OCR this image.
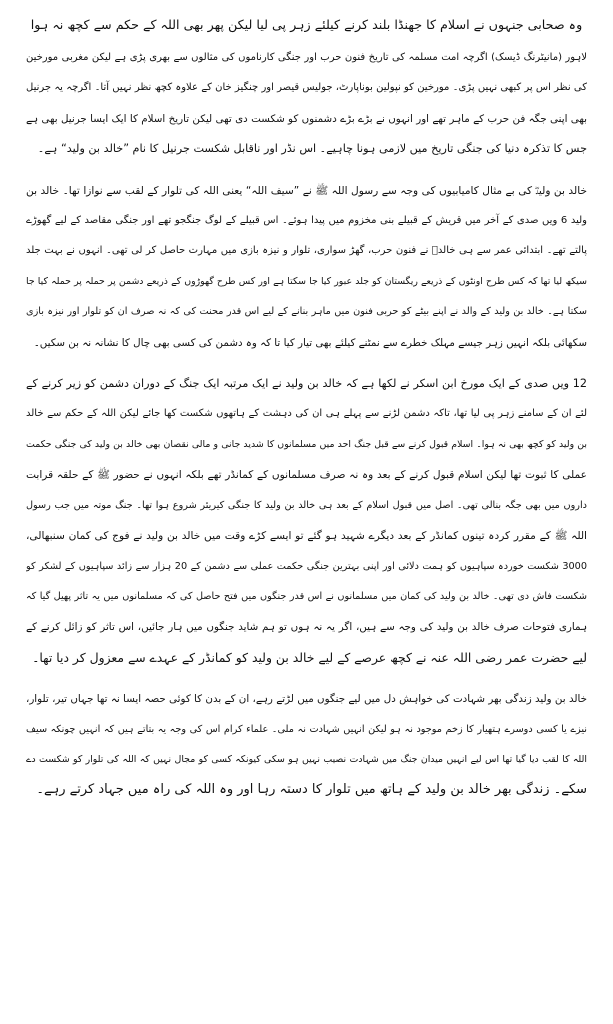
وہ صحابی جنہوں نے اسلام کا جھنڈا بلند کرنے کیلئے زہر پی لیا لیکن پھر بھی اللہ کے حکم سے کچھ نہ ہوا
لاہور (مانیٹرنگ ڈیسک) اگرچہ امت مسلمہ کی تاریخ فنون حرب اور جنگی کارناموں کی مثالوں سے بھری پڑی ہے لیکن مغربی مورخین
کی نظر اس پر کبھی نہیں پڑی۔ مورخین کو نپولین بوناپارٹ، جولیس قیصر اور چنگیز خان کے علاوہ کچھ نظر نہیں آتا۔ اگرچہ یہ جرنیل
بھی اپنی جگہ فن حرب کے ماہر تھے اور انہوں نے بڑے بڑے دشمنوں کو شکست دی تھی لیکن تاریخ اسلام کا ایک ایسا جرنیل بھی ہے
جس کا تذکرہ دنیا کی جنگی تاریخ میں لازمی ہونا چاہیے۔ اس نڈر اور ناقابل شکست جرنیل کا نام ”خالد بن ولید“ ہے۔
خالد بن ولیدؓ کی بے مثال کامیابیوں کی وجہ سے رسول اللہ ﷺ نے ”سیف اللہ“ یعنی اللہ کی تلوار کے لقب سے نوازا تھا۔ خالد بن
ولید 6 ویں صدی کے آخر میں قریش کے قبیلے بنی مخزوم میں پیدا ہوئے۔ اس قبیلے کے لوگ جنگجو تھے اور جنگی مقاصد کے لیے گھوڑے
پالتے تھے۔ ابتدائی عمر سے ہی خالدؓ نے فنون حرب، گھڑ سواری، تلوار و نیزہ بازی میں مہارت حاصل کر لی تھی۔ انہوں نے بہت جلد
سیکھ لیا تھا کہ کس طرح اونٹوں کے ذریعے ریگستان کو جلد عبور کیا جا سکتا ہے اور کس طرح گھوڑوں کے ذریعے دشمن پر حملہ پر حملہ کیا جا
سکتا ہے۔ خالد بن ولید کے والد نے اپنے بیٹے کو حربی فنون میں ماہر بنانے کے لیے اس قدر محنت کی کہ نہ صرف ان کو تلوار اور نیزہ بازی
سکھائی بلکہ انہیں زہر جیسے مہلک خطرے سے نمٹنے کیلئے بھی تیار کیا تا کہ وہ دشمن کی کسی بھی چال کا نشانہ نہ بن سکیں۔
12 ویں صدی کے ایک مورخ ابن اسکر نے لکھا ہے کہ خالد بن ولید نے ایک مرتبہ ایک جنگ کے دوران دشمن کو زیر کرنے کے
لئے ان کے سامنے زہر پی لیا تھا، تاکہ دشمن لڑنے سے پہلے ہی ان کی دہشت کے ہاتھوں شکست کھا جائے لیکن اللہ کے حکم سے خالد
بن ولید کو کچھ بھی نہ ہوا۔ اسلام قبول کرنے سے قبل جنگ احد میں مسلمانوں کا شدید جانی و مالی نقصان بھی خالد بن ولید کی جنگی حکمت
عملی کا ثبوت تھا لیکن اسلام قبول کرنے کے بعد وہ نہ صرف مسلمانوں کے کمانڈر تھے بلکہ انہوں نے حضور ﷺ کے حلقہ قرابت
داروں میں بھی جگہ بنالی تھی۔ اصل میں قبول اسلام کے بعد ہی خالد بن ولید کا جنگی کیریئر شروع ہوا تھا۔ جنگ موتہ میں جب رسول
اللہ ﷺ کے مقرر کردہ تینوں کمانڈر کے بعد دیگرے شہید ہو گئے تو ایسے کڑے وقت میں خالد بن ولید نے فوج کی کمان سنبھالی،
3000 شکست خوردہ سپاہیوں کو ہمت دلائی اور اپنی بہترین جنگی حکمت عملی سے دشمن کے 20 ہزار سے زائد سپاہیوں کے لشکر کو
شکست فاش دی تھی۔ خالد بن ولید کی کمان میں مسلمانوں نے اس قدر جنگوں میں فتح حاصل کی کہ مسلمانوں میں یہ تاثر پھیل گیا کہ
ہماری فتوحات صرف خالد بن ولید کی وجہ سے ہیں، اگر یہ نہ ہوں تو ہم شاید جنگوں میں ہار جائیں، اس تاثر کو زائل کرنے کے
لیے حضرت عمر رضی اللہ عنہ نے کچھ عرصے کے لیے خالد بن ولید کو کمانڈر کے عہدے سے معزول کر دیا تھا۔
خالد بن ولید زندگی بھر شہادت کی خواہش دل میں لیے جنگوں میں لڑتے رہے، ان کے بدن کا کوئی حصہ ایسا نہ تھا جہاں تیر، تلوار،
نیزے یا کسی دوسرے ہتھیار کا زخم موجود نہ ہو لیکن انہیں شہادت نہ ملی۔ علماء کرام اس کی وجہ یہ بتاتے ہیں کہ انہیں چونکہ سیف
اللہ کا لقب دیا گیا تھا اس لیے انہیں میدان جنگ میں شہادت نصیب نہیں ہو سکی کیونکہ کسی کو مجال نہیں کہ اللہ کی تلوار کو شکست دے
سکے۔ زندگی بھر خالد بن ولید کے ہاتھ میں تلوار کا دستہ رہا اور وہ اللہ کی راہ میں جہاد کرتے رہے۔
